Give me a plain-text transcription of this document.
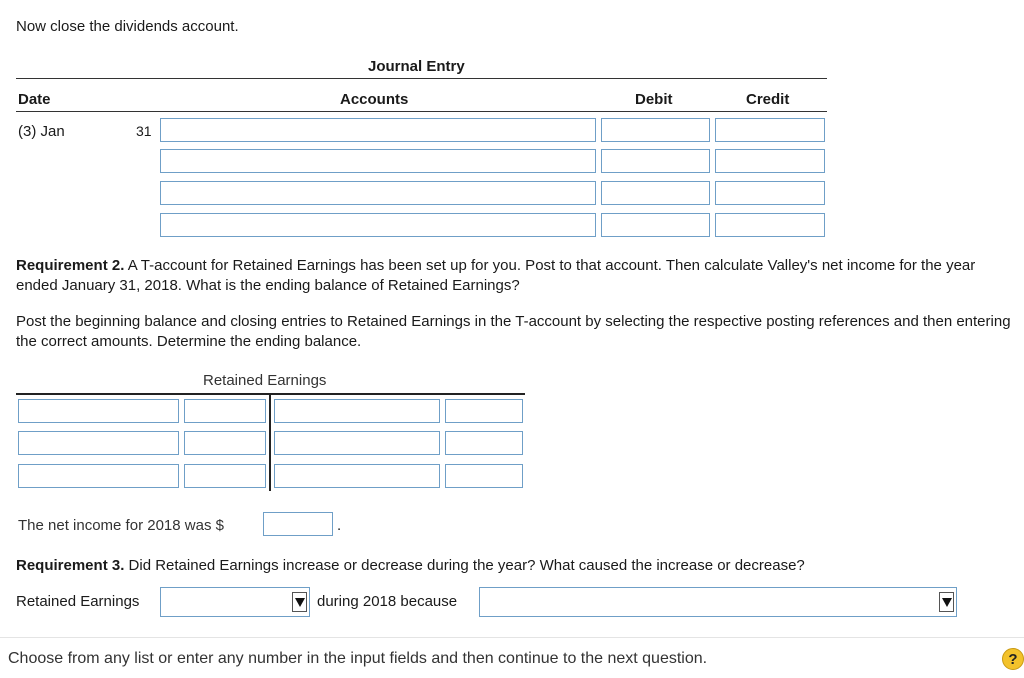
Now close the dividends account.
Journal Entry
Date	Accounts	Debit	Credit
(3) Jan	31
Requirement 2. A T-account for Retained Earnings has been set up for you. Post to that account. Then calculate Valley's net income for the year ended January 31, 2018. What is the ending balance of Retained Earnings?
Post the beginning balance and closing entries to Retained Earnings in the T-account by selecting the respective posting references and then entering the correct amounts. Determine the ending balance.
Retained Earnings
The net income for 2018 was $	.
Requirement 3. Did Retained Earnings increase or decrease during the year? What caused the increase or decrease?
Retained Earnings	during 2018 because
Choose from any list or enter any number in the input fields and then continue to the next question.	?
